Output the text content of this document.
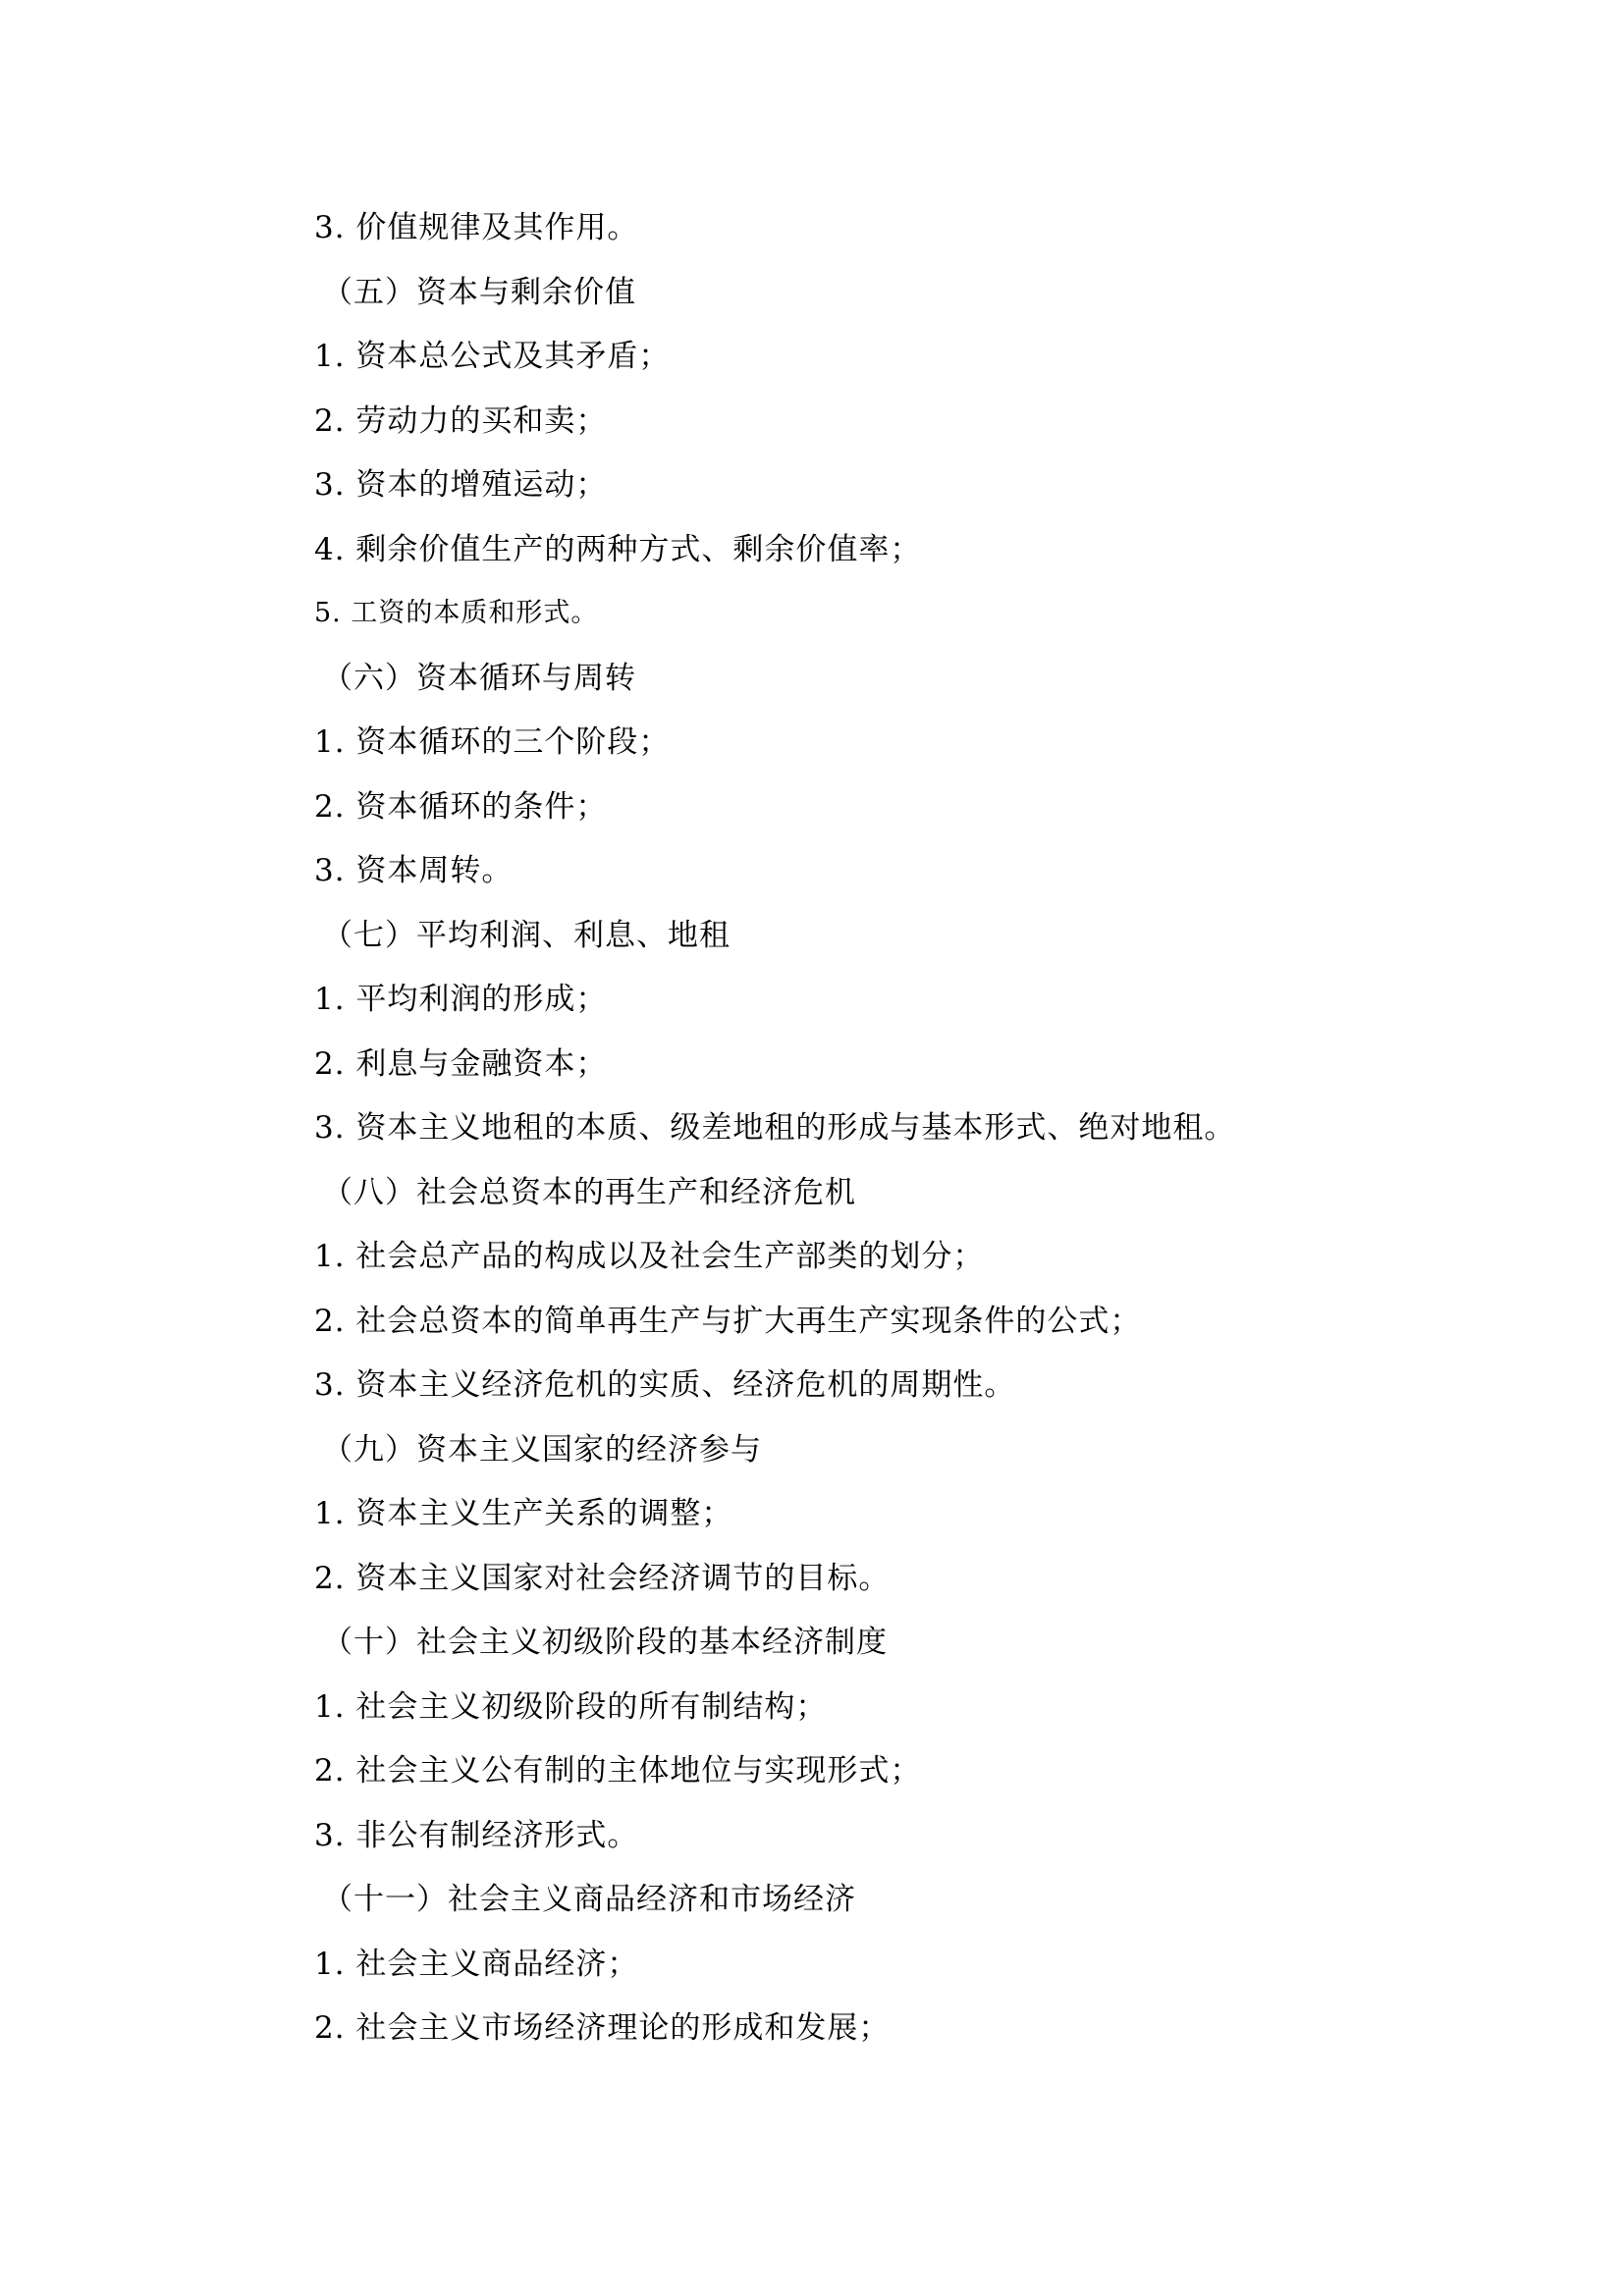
3. 价值规律及其作用。
（五）资本与剩余价值
1. 资本总公式及其矛盾；
2. 劳动力的买和卖；
3. 资本的增殖运动；
4. 剩余价值生产的两种方式、剩余价值率；
5. 工资的本质和形式。
（六）资本循环与周转
1. 资本循环的三个阶段；
2. 资本循环的条件；
3. 资本周转。
（七）平均利润、利息、地租
1. 平均利润的形成；
2. 利息与金融资本；
3. 资本主义地租的本质、级差地租的形成与基本形式、绝对地租。
（八）社会总资本的再生产和经济危机
1. 社会总产品的构成以及社会生产部类的划分；
2. 社会总资本的简单再生产与扩大再生产实现条件的公式；
3. 资本主义经济危机的实质、经济危机的周期性。
（九）资本主义国家的经济参与
1. 资本主义生产关系的调整；
2. 资本主义国家对社会经济调节的目标。
（十）社会主义初级阶段的基本经济制度
1. 社会主义初级阶段的所有制结构；
2. 社会主义公有制的主体地位与实现形式；
3. 非公有制经济形式。
（十一）社会主义商品经济和市场经济
1. 社会主义商品经济；
2. 社会主义市场经济理论的形成和发展；
